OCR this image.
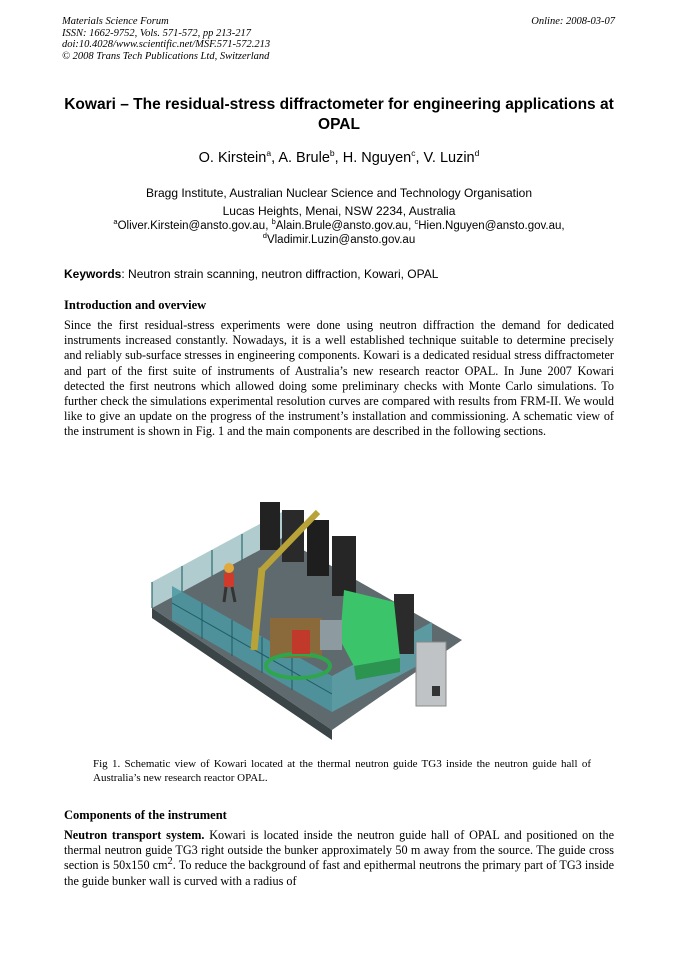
Materials Science Forum
ISSN: 1662-9752, Vols. 571-572, pp 213-217
doi:10.4028/www.scientific.net/MSF.571-572.213
© 2008 Trans Tech Publications Ltd, Switzerland
Online: 2008-03-07
Kowari – The residual-stress diffractometer for engineering applications at OPAL
O. Kirstein$^a$, A. Brule$^b$, H. Nguyen$^c$, V. Luzin$^d$
Bragg Institute, Australian Nuclear Science and Technology Organisation
Lucas Heights, Menai, NSW 2234, Australia
$^a$Oliver.Kirstein@ansto.gov.au, $^b$Alain.Brule@ansto.gov.au, $^c$Hien.Nguyen@ansto.gov.au,
$^d$Vladimir.Luzin@ansto.gov.au
Keywords: Neutron strain scanning, neutron diffraction, Kowari, OPAL
Introduction and overview
Since the first residual-stress experiments were done using neutron diffraction the demand for dedicated instruments increased constantly. Nowadays, it is a well established technique suitable to determine precisely and reliably sub-surface stresses in engineering components. Kowari is a dedicated residual stress diffractometer and part of the first suite of instruments of Australia’s new research reactor OPAL. In June 2007 Kowari detected the first neutrons which allowed doing some preliminary checks with Monte Carlo simulations. To further check the simulations experimental resolution curves are compared with results from FRM-II. We would like to give an update on the progress of the instrument’s installation and commissioning. A schematic view of the instrument is shown in Fig. 1 and the main components are described in the following sections.
Fig 1. Schematic view of Kowari located at the thermal neutron guide TG3 inside the neutron guide hall of Australia’s new research reactor OPAL.
Components of the instrument
Neutron transport system. Kowari is located inside the neutron guide hall of OPAL and positioned on the thermal neutron guide TG3 right outside the bunker approximately 50 m away from the source. The guide cross section is 50x150 $cm^2$. To reduce the background of fast and epithermal neutrons the primary part of TG3 inside the guide bunker wall is curved with a radius of
